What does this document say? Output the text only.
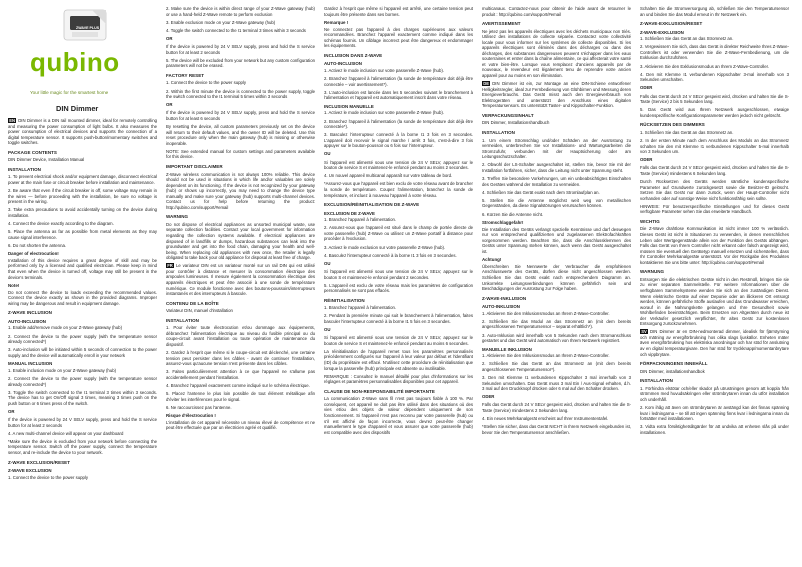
ZWAVE PLUS
qubino
Your little magic for the smartest home
DIN Dimmer

EN DIN Dimmer is a DIN rail mounted dimmer, ideal for remotely controlling and measuring the power consumption of light bulbs. It also measures the power consumption of electrical devices and supports the connection of a digital temperature sensor. It supports push-button/momentary switches and toggle switches.

PACKAGE CONTENTS

DIN Dimmer Device, Installation Manual

INSTALLATION

1. To prevent electrical shock and/or equipment damage, disconnect electrical power at the main fuse or circuit breaker before installation and maintenance.

2. Be aware that even if the circuit breaker is off, some voltage may remain in the wires — before proceeding with the installation, be sure no voltage is present in the wiring.

3. Take extra precautions to avoid accidentally turning on the device during installation.

4. Connect the device exactly according to the diagram.

5. Place the antenna as far as possible from metal elements as they may cause signal interference.

6. Do not shorten the antenna.

Danger of electrocution!

Installation of this device requires a great degree of skill and may be performed only by a licensed and qualified electrician. Please keep in mind that even when the device is turned off, voltage may still be present in the device's terminals.

Note!

Do not connect the device to loads exceeding the recommended values. Connect the device exactly as shown in the provided diagrams. Improper wiring may be dangerous and result in equipment damage.

Z-WAVE INCLUSION
AUTO-INCLUSION

1. Enable add/remove mode on your Z-Wave gateway (hub)

2. Connect the device to the power supply (with the temperature sensor already connected*)

3. Auto-inclusion will be initiated within 5 seconds of connection to the power supply and the device will automatically enroll in your network

MANUAL INCLUSION

1. Enable inclusion mode on your Z-Wave gateway (hub)

2. Connect the device to the power supply (with the temperature sensor already connected*)

3. Toggle the switch connected to the I1 terminal 3 times within 3 seconds. The device has to get On/Off signal 3 times, meaning 3 times push on the push button or 6 times press of the switch.

OR

If the device is powered by 24 V SELV supply, press and hold the S service button for at least 2 seconds

4. A new multi-channel device will appear on your dashboard

*Make sure the device is excluded from your network before connecting the temperature sensor. Switch off the power supply, connect the temperature sensor, and re-include the device to your network.

Z-WAVE EXCLUSION/RESET
Z-WAVE EXCLUSION

1. Connect the device to the power supply

2. Make sure the device is within direct range of your Z-Wave gateway (hub) or use a hand-held Z-Wave remote to perform exclusion

3. Enable exclusion mode on your Z-Wave gateway (hub)

4. Toggle the switch connected to the I1 terminal 3 times within 3 seconds

OR

If the device is powered by 24 V SELV supply, press and hold the S service button for at least 2 seconds

5. The device will be excluded from your network but any custom configuration parameters will not be erased.

FACTORY RESET

1. Connect the device to the power supply

2. Within the first minute the device is connected to the power supply, toggle the switch connected to the I1 terminal 5 times within 3 seconds

OR

If the device is powered by 24 V SELV supply, press and hold the S service button for at least 6 seconds

By resetting the device, all custom parameters previously set on the device will return to their default values, and the owner ID will be deleted. Use this reset procedure only when the main gateway (hub) is missing or otherwise inoperable.

NOTE: See extended manual for custom settings and parameters available for this device.

IMPORTANT DISCLAIMER

Z-Wave wireless communication is not always 100% reliable. This device should not be used in situations in which life and/or valuables are solely dependent on its functioning. If the device is not recognized by your gateway (hub) or shows up incorrectly, you may need to change the device type manually and make sure your gateway (hub) supports multi-channel devices. Contact us for help before returning the product: http://qubino.com/support/#email

WARNING

Do not dispose of electrical appliances as unsorted municipal waste, use separate collection facilities. Contact your local government for information regarding the collection systems available. If electrical appliances are disposed of in landfills or dumps, hazardous substances can leak into the groundwater and get into the food chain, damaging your health and well-being. When replacing old appliances with new once, the retailer is legally obligated to take back your old appliance for disposal at least free of charge.

FR Le variateur DIN est un variateur monté sur un rail DIN qui est utilisé pour contrôler à distance et mesurer la consommation électrique des ampoules lumineuses. Il mesure également la consommation électrique des appareils électriques et peut être associé à une sonde de température numérique. Ce module fonctionne avec des boutons-poussoirs/interrupteurs instantanés et des interrupteurs à bascule.

CONTENU DE LA BOÎTE

Variateur DIN, manuel d'installation

INSTALLATION

1. Pour éviter toute électrocution et/ou dommage aux équipements, débranchez l'alimentation électrique au niveau du fusible principal ou du coupe-circuit avant l'installation ou toute opération de maintenance du dispositif.

2. Gardez à l'esprit que même si le coupe-circuit est déclenché, une certaine tension peut persister dans les câbles - avant de continuer l'installation, assurez-vous qu'aucune tension n'est présente dans les câbles.

3. Faites particulièrement attention à ce que l'appareil ne s'allume pas accidentellement pendant l'installation.

4. Branchez l'appareil exactement comme indiqué sur le schéma électrique.

5. Placez l'antenne le plus loin possible de tout élément métallique afin d'éviter les interférences pour le signal.

6. Ne raccourcissez pas l'antenne.

Risque d'électrocution !

L'installation de cet appareil nécessite un niveau élevé de compétence et ne peut être effectuée que par un électricien agréé et qualifié.

Gardez à l'esprit que même si l'appareil est arrêté, une certaine tension peut toujours être présente dans ses bornes.

Remarque !

Ne connectez pas l'appareil à des charges supérieures aux valeurs recommandées. Branchez l'appareil exactement comme indiqué dans les schémas fournis. Un câblage incorrect peut être dangereux et endommager les équipements.

INCLUSION DANS Z-WAVE
AUTO-INCLUSION

1. Activez le mode inclusion sur votre passerelle Z-Wave (hub).

2. Branchez l'appareil à l'alimentation (la sonde de température doit déjà être connectée – voir avertissement*).

3. L'auto-inclusion est lancée dans les 5 secondes suivant le branchement à l'alimentation et l'appareil est automatiquement inscrit dans votre réseau.

INCLUSION MANUELLE

1. Activez le mode inclusion sur votre passerelle Z-Wave (hub).

2. Branchez l'appareil à l'alimentation (la sonde de température doit déjà être connectée*).

3. Basculez l'interrupteur connecté à la borne I1 3 fois en 3 secondes. L'appareil doit recevoir le signal marche / arrêt 3 fois, c'est-à-dire 3 fois appuyer sur le bouton-poussoir ou 6 fois sur l'interrupteur.

OU

Si l'appareil est alimenté sous une tension de 24 V SELV, appuyez sur le bouton de service S et maintenez-le enfoncé pendant au moins 2 secondes.

4. Un nouvel appareil multicanal apparaît sur votre tableau de bord.

*Assurez-vous que l'appareil est bien exclu de votre réseau avant de brancher la sonde de température. Coupez l'alimentation, branchez la sonde de température, et incluez à nouveau l'appareil à votre réseau.

EXCLUSION/RÉINITIALISATION DE Z-WAVE
EXCLUSION DE Z-WAVE

1. Branchez l'appareil à l'alimentation.

2. Assurez-vous que l'appareil est situé dans le champ de portée directe de votre passerelle (hub) Z-Wave ou utilisez un Z-Wave portatif à distance pour procéder à l'exclusion.

3. Activez le mode exclusion sur votre passerelle Z-Wave (hub).

4. Basculez l'interrupteur connecté à la borne I1 3 fois en 3 secondes.

OU

Si l'appareil est alimenté sous une tension de 24 V SELV, appuyez sur le bouton S et maintenez-le enfoncé pendant 2 secondes.

5. L'appareil est exclu de votre réseau mais les paramètres de configuration personnalisés ne sont pas effacés.

RÉINITIALISATION

1. Branchez l'appareil à l'alimentation.

2. Pendant la première minute qui suit le branchement à l'alimentation, faites basculer l'interrupteur connecté à la borne I1 5 fois en 3 secondes.

OU

Si l'appareil est alimenté sous une tension de 24 V SELV, appuyez sur le bouton de service S et maintenez-le enfoncé pendant au moins 6 secondes.

La réinitialisation de l'appareil remet tous les paramètres personnalisés précédemment configurés sur l'appareil à leur valeur par défaut et l'identifiant (ID) du propriétaire est effacé. N'utilisez cette procédure de réinitialisation que lorsque la passerelle (hub) principale est absente ou inutilisable.

REMARQUE : Consultez le manuel détaillé pour plus d'informations sur les réglages et paramètres personnalisables disponibles pour cet appareil.

CLAUSE DE NON-RESPONSABILITÉ IMPORTANTE

La communication Z-Wave sans fil n'est pas toujours fiable à 100 %. Par conséquent, cet appareil ne doit pas être utilisé dans des situations où des vies et/ou des objets de valeur dépendent uniquement de son fonctionnement. Si l'appareil n'est pas reconnu par votre passerelle (hub) ou s'il est affiché de façon incorrecte, vous devrez peut-être changer manuellement le type d'appareil et vous assurer que votre passerelle (hub) est compatible avec des dispositifs

multicanaux. Contactez-nous pour obtenir de l'aide avant de retourner le produit : http://qubino.com/support/#email

AVERTISSEMENT

Ne jetez pas les appareils électriques avec les déchets municipaux non triés. Utilisez des installations de collecte séparée. Contactez votre collectivité locale pour vous informer sur les systèmes de collecte disponibles. Si les appareils électriques sont éliminés dans des décharges ou dans des décharges, des substances dangereuses peuvent s'échapper dans les eaux souterraines et entrer dans la chaîne alimentaire, ce qui affecterait votre santé et votre bien-être. Lorsque vous remplacez d'anciens appareils par de nouveaux, le revendeur est légalement tenu de reprendre votre ancien appareil pour au moins en son élimination.

DE DIN Dimmer ist ein, zur Montage an eine DIN-Schiene entworfener Helligkeitsregler, ideal zur Fernbedienung von Glühbirnen und Messung deren Energieverbrauchs. Das Gerät misst auch den Energieverbrauch von Elektrogeräten und unterstützt den Anschluss eines digitalen Temperatursensors. Es unterstützt Taster- und Kippschalter-Funktion.

VERPACKUNGSINHALT

DIN Dimmer, Installationshandbuch

INSTALLATION

1. Um einem Stromschlag und/oder Schäden an der Ausrüstung zu vermeiden, unterbrechen Sie vor Installations- und Wartungsarbeiten die Stromzufuhr, verbunden mit der Hauptsicherung oder am Leitungsschutzschalter.

2. Obwohl der LS-Schalter ausgeschaltet ist, stellen Sie, bevor Sie mit der Installation fortfahren, sicher, dass die Leitung nicht unter Spannung steht.

3. Treffen Sie besondere Vorkehrungen, um ein unbeabsichtigtes Einschalten des Gerätes während der Installation zu vermeiden.

4. Schließen Sie das Gerät exakt nach dem Stromlaufplan an.

5. Stellen Sie die Antenne möglichst weit weg von metallischen Gegenständen, da diese Signalstörungen verursachen können.

6. Kürzen Sie die Antenne nicht.

Stromschlaggefahr!

Die Installation des Geräts verlangt spezielle Kenntnisse und darf deswegen nur von entsprechend qualifizierten und zugelassenen Elektrofachkräften vorgenommen werden. Beachten Sie, dass die Anschlussklemmen des Geräts unter Spannung stehen können, auch wenn das Gerät ausgeschaltet ist.

Achtung!

Überschreiten Sie Nennwerte der Verbraucher die empfohlenen Anschlusswerte des Geräts, dürfen diese nicht angeschlossen werden. Schließen Sie das Gerät exakt nach entsprechendem Diagramm an. Unkorrekte Leitungsverbindungen können gefährlich sein und Beschädigungen der Ausrüstung zur Folge haben.

Z-WAVE-INKLUSION
AUTO-INKLUSION

1. Aktivieren Sie den Inklusionsmodus an Ihrem Z-Wave-Controller.

2. Schließen Sie das Modul an das Stromnetz an (mit dem bereits angeschlossenen Temperatursensor – separat erhältlich*).

3. Auto-Inklusion wird innerhalb von 5 Sekunden nach dem Stromanschluss gestartet und das Gerät wird automatisch von Ihrem Netzwerk registriert.

MANUELLE INKLUSION

1. Aktivieren Sie den Inklusionsmodus an Ihrem Z-Wave-Controller.

2. Schließen Sie das Gerät an das Stromnetz an (mit dem bereits angeschlossenen Temperatursensor*).

3. Den mit Klemme I1 verbundenen Kippschalter 3 mal innerhalb von 3 Sekunden umschalten. Das Gerät muss 3 mal Ein / Aus-Signal erhalten, d.h. 3 mal auf den Druckknopf drücken oder 6 mal auf den Schalter drücken.

ODER

Falls das Gerät durch 24 V SELV gespeist wird, drücken und halten Sie die S-Taste (Service) mindestens 2 Sekunden lang.

4. Ein neues Mehrkanalgerät erscheint auf Ihrer Instrumententafel.

*Stellen Sie sicher, dass das Gerät NICHT in Ihrem Netzwerk eingebunden ist, bevor Sie den Temperatursensor anschließen.

Schalten Sie die Stromversorgung ab, schließen Sie den Temperatursensor an und binden Sie das Modul erneut in Ihr Netzwerk ein.

Z-WAVE-EXKLUSION/RESET
Z-WAVE-EXKLUSION

1. Schließen Sie das Gerät an das Stromnetz an.

2. Vergewissern Sie sich, dass das Gerät in direkter Reichweite Ihres Z-Wave-Controllers ist oder verwenden Sie die Z-Wave-Fernbedienung, um die Exklusion durchzuführen.

3. Aktivieren Sie den Exklusionsmodus an Ihrem Z-Wave-Controller.

4. Den mit Klemme I1 verbundenen Kippschalter 3-mal innerhalb von 3 Sekunden umschalten.

ODER

Falls das Gerät durch 24 V SELV gespeist wird, drücken und halten Sie die S-Taste (Service) 2 bis 5 Sekunden lang.

5. Das Gerät wird aus Ihrem Netzwerk ausgeschlossen, etwaige kundenspezifische Konfigurationsparameter werden jedoch nicht gelöscht.

RÜCKSETZEN DES DIMMERS

1. Schließen Sie das Gerät an das Stromnetz an.

2. In der ersten Minute nach dem Anschluss des Moduls an das Stromnetz schalten Sie den mit Klemme I1 verbundenen Kippschalter 5-mal innerhalb von 3 Sekunden um.

ODER

Falls das Gerät durch 24 V SELV gespeist wird, drücken und halten Sie die S-Taste (Service) mindestens 6 Sekunden lang.

Durch Rücksetzen des Geräts werden sämtliche kundenspezifische Parameter auf Grundwerte zurückgesetzt sowie die Besitzer-ID gelöscht. Setzen Sie das Gerät nur dann zurück, wenn der Haupt-Controller nicht vorhanden oder auf sonstige Weise nicht funktionsfähig sein sollte.

HINWEIS: Für benutzerspezifische Einstellungen und für dieses Gerät verfügbare Parameter sehen Sie das erweiterte Handbuch.

WICHTIG

Die Z-Wave drahtlose Kommunikation ist nicht immer 100 % verlässlich. Dieses Gerät ist nicht in Situationen zu verwenden, in denen menschliches Leben oder Wertgegenstände allein von der Funktion des Geräts abhängen. Falls das Gerät von Ihrem Controller nicht erkannt oder falsch angezeigt wird, müssen Sie eventuell den Gerätetyp manuell ersetzen und sicherstellen, dass Ihr Controller Mehrkanalgeräte unterstützt. Vor der Rückgabe des Produktes kontaktieren Sie uns bitte unter: http://qubino.com/support/#email

WARNUNG

Entsorgen Sie die elektrischen Geräte nicht in den Restmüll, bringen Sie sie zu einer separaten Sammelstelle. Für weitere Informationen über die verfügbaren Sammelsysteme wenden Sie sich an den zuständigen Dienst. Wenn elektrische Geräte auf einer Deponie oder an illickeren Ort entsorgt werden, können gefährliche Stoffe auslaufen und das Grundwasser erreichen, worauf in die Nahrungskette gelangen und Ihre Gesundheit sowie Wohlbefinden beeinträchtigen. Beim Ersetzen von Altgeräten durch neue ist der Verkäufer gesetzlich verpflichtet, Ihr altes Gerät zur kostenlosen Entsorgung zurückzunehmen.

SV DIN Dimmer är en DIN-nedmonterad dimmer, idealisk för fjärrstyrning och mätning av energiförbrukning hos olika slags ljuskällor. Enheten mäter även energiförbrukning hos elektriska anordningar och har stöd för anslutning av en digital temperaturgivare. Den har stöd för tryckknapp/momentanbrytare och vippbrytare.

FÖRPACKNINGENS INNEHÅLL

DIN Dimmer, installationshandbok

INSTALLATION

1. Förhindra elstötar och/eller skador på utrustningen genom att koppla från strömmen med huvudsäkringen eller strömbrytaren innan du utför installation och underhåll.

2. Kom ihåg att även om strömbrytaren är avstängd kan det finnas spänning kvar i ledningarna – se till att ingen spänning finns kvar i ledningarna innan du fortsätter med installationen.

3. Vidta extra försiktighetsåtgärder för att undvika att enheten slås på under installationen.
